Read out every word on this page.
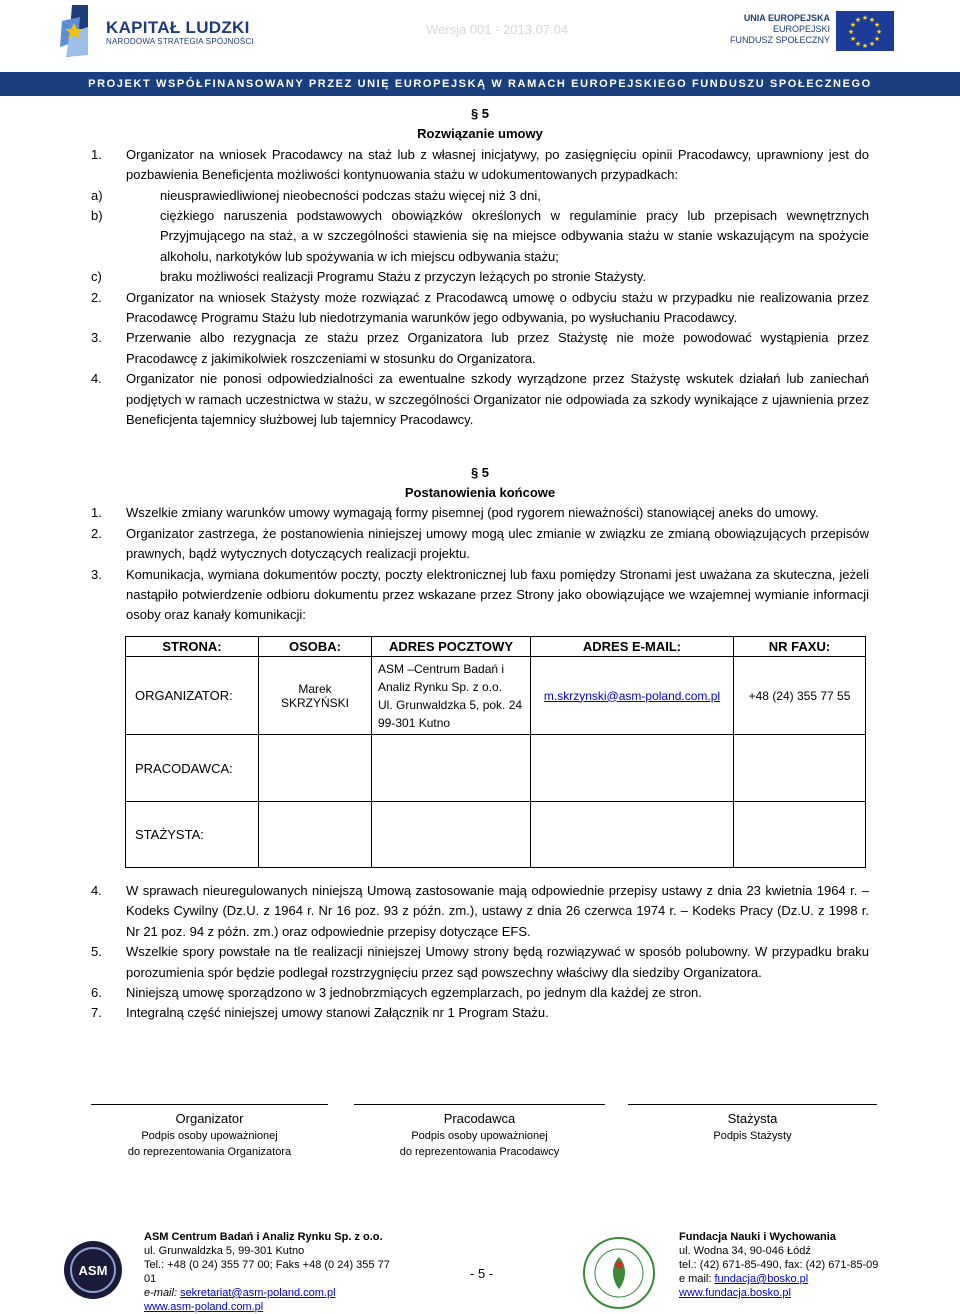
KAPITAŁ LUDZKI
NARODOWA STRATEGIA SPÓJNOŚCI
Wersja 001 - 2013.07.04
UNIA EUROPEJSKA
EUROPEJSKI
FUNDUSZ SPOŁECZNY
★ ★
★
★
★
★
★
★
★
★
★
★
PROJEKT WSPÓŁFINANSOWANY PRZEZ UNIĘ EUROPEJSKĄ W RAMACH EUROPEJSKIEGO FUNDUSZU SPOŁECZNEGO
§ 5
Rozwiązanie umowy
1. Organizator na wniosek Pracodawcy na staż lub z własnej inicjatywy, po zasięgnięciu opinii Pracodawcy, uprawniony jest do pozbawienia Beneficjenta możliwości kontynuowania stażu w udokumentowanych przypadkach:
a)	nieusprawiedliwionej nieobecności podczas stażu więcej niż 3 dni,
b)	ciężkiego naruszenia podstawowych obowiązków określonych w regulaminie pracy lub przepisach wewnętrznych Przyjmującego na staż, a w szczególności stawienia się na miejsce odbywania stażu w stanie wskazującym na spożycie alkoholu, narkotyków lub spożywania w ich miejscu odbywania stażu;
c)	braku możliwości realizacji Programu Stażu z przyczyn leżących po stronie Stażysty.
2. Organizator na wniosek Stażysty może rozwiązać z Pracodawcą umowę o odbyciu stażu w przypadku nie realizowania przez Pracodawcę Programu Stażu lub niedotrzymania warunków jego odbywania, po wysłuchaniu Pracodawcy.
3. Przerwanie albo rezygnacja ze stażu przez Organizatora lub przez Stażystę nie może powodować wystąpienia przez Pracodawcę z jakimikolwiek roszczeniami w stosunku do Organizatora.
4. Organizator nie ponosi odpowiedzialności za ewentualne szkody wyrządzone przez Stażystę wskutek działań lub zaniechań podjętych w ramach uczestnictwa w stażu, w szczególności Organizator nie odpowiada za szkody wynikające z ujawnienia przez Beneficjenta tajemnicy służbowej lub tajemnicy Pracodawcy.
§ 5
Postanowienia końcowe
1. Wszelkie zmiany warunków umowy wymagają formy pisemnej (pod rygorem nieważności) stanowiącej aneks do umowy.
2. Organizator zastrzega, że postanowienia niniejszej umowy mogą ulec zmianie w związku ze zmianą obowiązujących przepisów prawnych, bądź wytycznych dotyczących realizacji projektu.
3. Komunikacja, wymiana dokumentów poczty, poczty elektronicznej lub faxu pomiędzy Stronami jest uważana za skuteczna, jeżeli nastąpiło potwierdzenie odbioru dokumentu przez wskazane przez Strony jako obowiązujące we wzajemnej wymianie informacji osoby oraz kanały komunikacji:
STRONA:	OSOBA:	ADRES POCZTOWY	ADRES E-MAIL:	NR FAXU:
ORGANIZATOR:	Marek SKRZYŃSKI	ASM –Centrum Badań i
Analiz Rynku Sp. z o.o.
Ul. Grunwaldzka 5, pok. 24
99-301 Kutno	m.skrzynski@asm-poland.com.pl	+48 (24) 355 77 55
PRACODAWCA:				
STAŻYSTA:				
4. W sprawach nieuregulowanych niniejszą Umową zastosowanie mają odpowiednie przepisy ustawy z dnia 23 kwietnia 1964 r. – Kodeks Cywilny (Dz.U. z 1964 r. Nr 16 poz. 93 z późn. zm.), ustawy z dnia 26 czerwca 1974 r. – Kodeks Pracy (Dz.U. z 1998 r. Nr 21 poz. 94 z późn. zm.) oraz odpowiednie przepisy dotyczące EFS.
5. Wszelkie spory powstałe na tle realizacji niniejszej Umowy strony będą rozwiązywać w sposób polubowny. W przypadku braku porozumienia spór będzie podlegał rozstrzygnięciu przez sąd powszechny właściwy dla siedziby Organizatora.
6. Niniejszą umowę sporządzono w 3 jednobrzmiących egzemplarzach, po jednym dla każdej ze stron.
7. Integralną część niniejszej umowy stanowi Załącznik nr 1 Program Stażu.
Organizator
Podpis osoby upoważnionej
do reprezentowania Organizatora
Pracodawca
Podpis osoby upoważnionej
do reprezentowania Pracodawcy
Stażysta
Podpis Stażysty
ASM
ASM Centrum Badań i Analiz Rynku Sp. z o.o.
ul. Grunwaldzka 5, 99-301 Kutno
Tel.: +48 (0 24) 355 77 00; Faks +48 (0 24) 355 77 01
e-mail: sekretariat@asm-poland.com.pl
www.asm-poland.com.pl
- 5 -
Fundacja Nauki i Wychowania
ul. Wodna 34, 90-046 Łódź
tel.: (42) 671-85-490, fax: (42) 671-85-09
e mail: fundacja@bosko.pl
www.fundacja.bosko.pl
